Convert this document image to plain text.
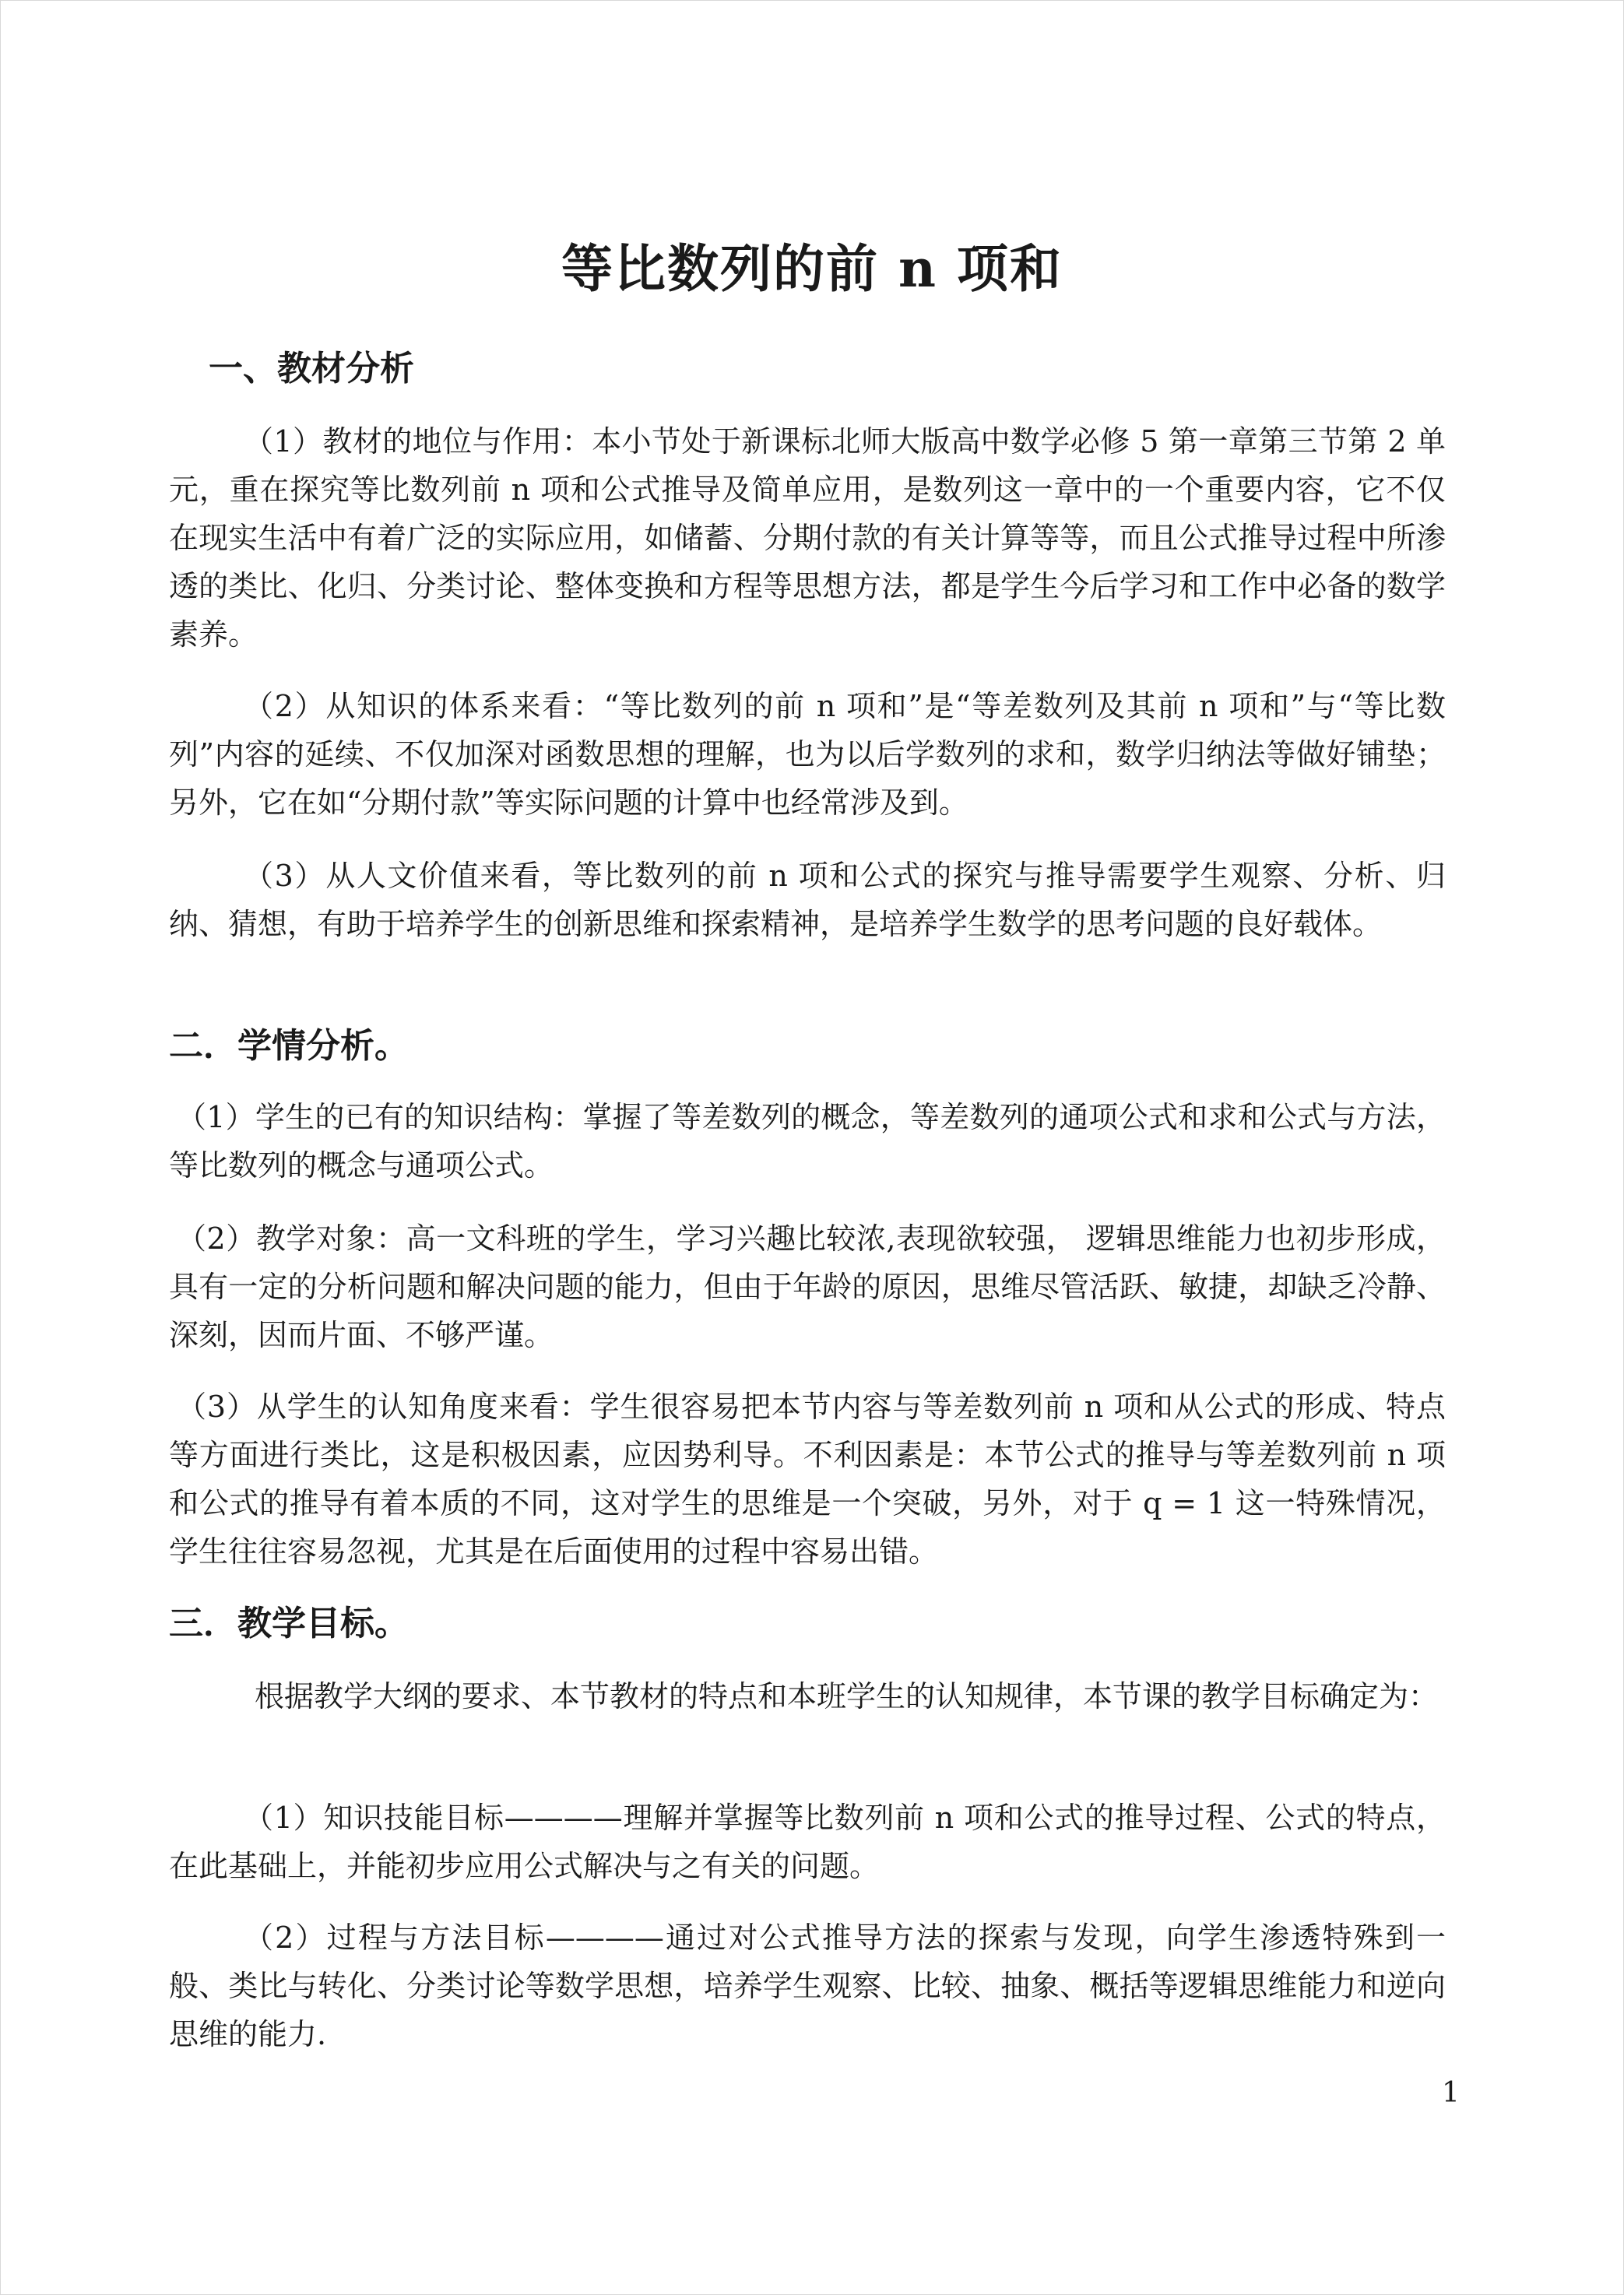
等比数列的前 n 项和
一、教材分析

（1）教材的地位与作用：本小节处于新课标北师大版高中数学必修 5 第一章第三节第 2 单元，重在探究等比数列前 n 项和公式推导及简单应用，是数列这一章中的一个重要内容，它不仅在现实生活中有着广泛的实际应用，如储蓄、分期付款的有关计算等等，而且公式推导过程中所渗透的类比、化归、分类讨论、整体变换和方程等思想方法，都是学生今后学习和工作中必备的数学素养。

（2）从知识的体系来看：“等比数列的前 n 项和”是“等差数列及其前 n 项和”与“等比数列”内容的延续、不仅加深对函数思想的理解，也为以后学数列的求和，数学归纳法等做好铺垫；另外，它在如“分期付款”等实际问题的计算中也经常涉及到。

（3）从人文价值来看，等比数列的前 n 项和公式的探究与推导需要学生观察、分析、归纳、猜想，有助于培养学生的创新思维和探索精神，是培养学生数学的思考问题的良好载体。

二．学情分析。

（1）学生的已有的知识结构：掌握了等差数列的概念，等差数列的通项公式和求和公式与方法，等比数列的概念与通项公式。

（2）教学对象：高一文科班的学生，学习兴趣比较浓,表现欲较强， 逻辑思维能力也初步形成，具有一定的分析问题和解决问题的能力，但由于年龄的原因，思维尽管活跃、敏捷，却缺乏冷静、深刻，因而片面、不够严谨。

（3）从学生的认知角度来看：学生很容易把本节内容与等差数列前 n 项和从公式的形成、特点等方面进行类比，这是积极因素，应因势利导。不利因素是：本节公式的推导与等差数列前 n 项和公式的推导有着本质的不同，这对学生的思维是一个突破，另外，对于 q = 1 这一特殊情况，学生往往容易忽视，尤其是在后面使用的过程中容易出错。

三．教学目标。

根据教学大纲的要求、本节教材的特点和本班学生的认知规律，本节课的教学目标确定为：

（1）知识技能目标————理解并掌握等比数列前 n 项和公式的推导过程、公式的特点，在此基础上，并能初步应用公式解决与之有关的问题。

（2）过程与方法目标————通过对公式推导方法的探索与发现，向学生渗透特殊到一般、类比与转化、分类讨论等数学思想，培养学生观察、比较、抽象、概括等逻辑思维能力和逆向思维的能力.

1
